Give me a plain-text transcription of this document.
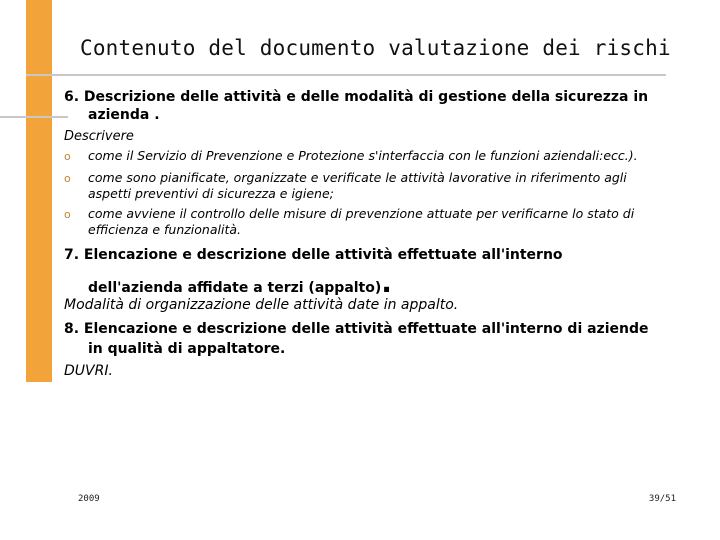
Contenuto del documento valutazione dei rischi
6. Descrizione delle attività e delle modalità di gestione della sicurezza in
azienda .
Descrivere
o come il Servizio di Prevenzione e Protezione s'interfaccia con le funzioni aziendali:ecc.).
o come sono pianificate, organizzate e verificate le attività lavorative in riferimento agli
aspetti preventivi di sicurezza e igiene;
o come avviene il controllo delle misure di prevenzione attuate per verificarne lo stato di
efficienza e funzionalità.
7. Elencazione e descrizione delle attività effettuate all'interno
dell'azienda affidate a terzi (appalto).
Modalità di organizzazione delle attività date in appalto.
8. Elencazione e descrizione delle attività effettuate all'interno di aziende
in qualità di appaltatore.
DUVRI.
2009	39/51
